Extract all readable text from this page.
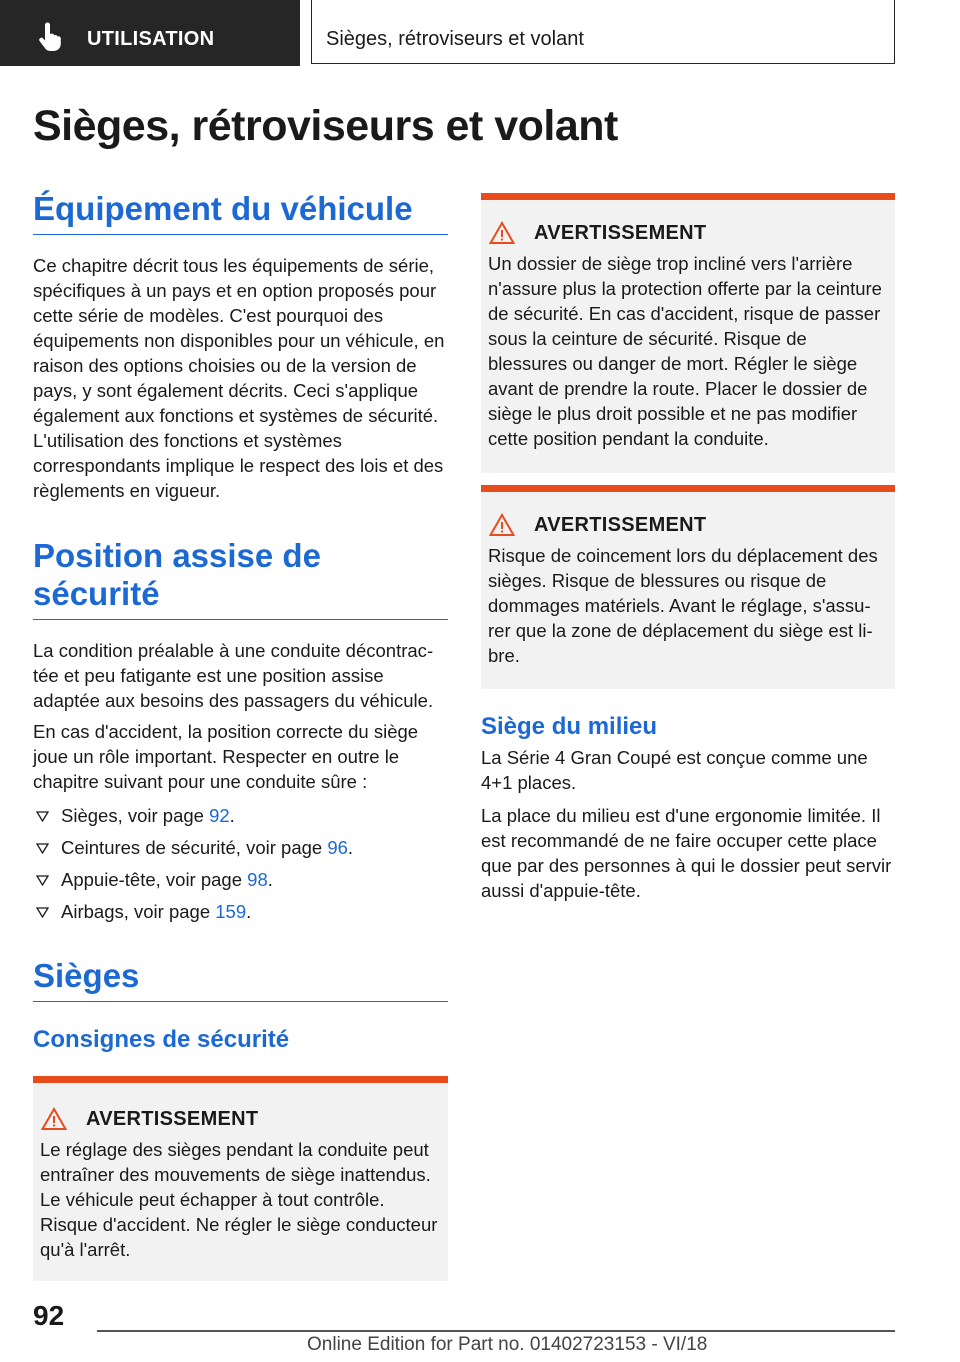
UTILISATION	Sièges, rétroviseurs et volant
Sièges, rétroviseurs et volant
Équipement du véhicule

Ce chapitre décrit tous les équipements de série, spécifiques à un pays et en option proposés pour cette série de modèles. C'est pourquoi des équipements non disponibles pour un véhicule, en raison des options choisies ou de la version de pays, y sont également décrits. Ceci s'applique également aux fonctions et systèmes de sécurité. L'utilisation des fonctions et systèmes correspondants implique le respect des lois et des règlements en vigueur.

Position assise de sécurité

La condition préalable à une conduite décontractée et peu fatigante est une position assise adaptée aux besoins des passagers du véhicule.

En cas d'accident, la position correcte du siège joue un rôle important. Respecter en outre le chapitre suivant pour une conduite sûre :

Sièges, voir page 92.
Ceintures de sécurité, voir page 96.
Appuie-tête, voir page 98.
Airbags, voir page 159.
Sièges
Consignes de sécurité
AVERTISSEMENT

Le réglage des sièges pendant la conduite peut entraîner des mouvements de siège inattendus. Le véhicule peut échapper à tout contrôle. Risque d'accident. Ne régler le siège conducteur qu'à l'arrêt.

AVERTISSEMENT

Un dossier de siège trop incliné vers l'arrière n'assure plus la protection offerte par la ceinture de sécurité. En cas d'accident, risque de passer sous la ceinture de sécurité. Risque de blessures ou danger de mort. Régler le siège avant de prendre la route. Placer le dossier de siège le plus droit possible et ne pas modifier cette position pendant la conduite.

AVERTISSEMENT

Risque de coincement lors du déplacement des sièges. Risque de blessures ou risque de dommages matériels. Avant le réglage, s'assurer que la zone de déplacement du siège est libre.

Siège du milieu

La Série 4 Gran Coupé est conçue comme une 4+1 places.

La place du milieu est d'une ergonomie limitée. Il est recommandé de ne faire occuper cette place que par des personnes à qui le dossier peut servir aussi d'appuie-tête.

92
Online Edition for Part no. 01402723153 - VI/18
